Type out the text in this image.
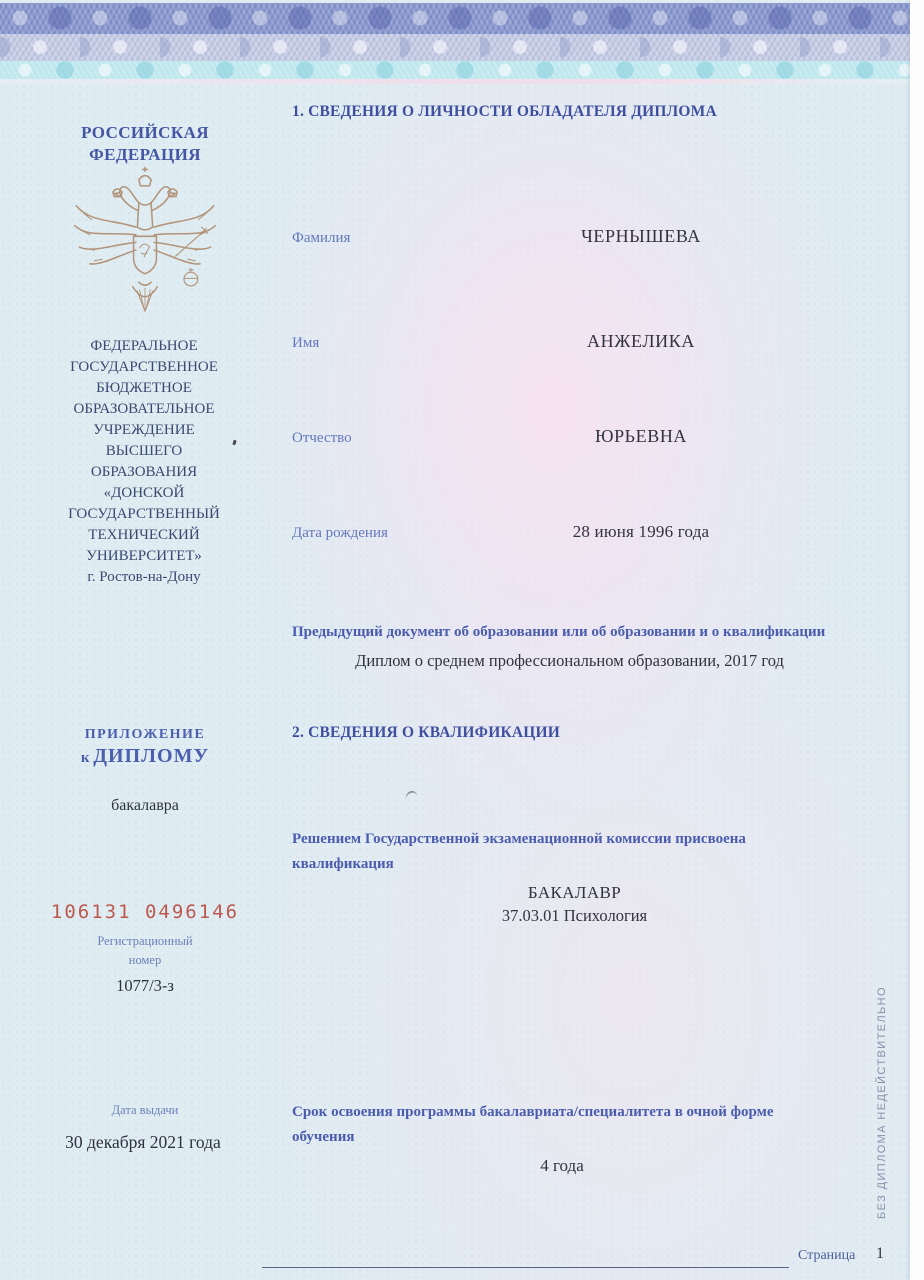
РОССИЙСКАЯ
ФЕДЕРАЦИЯ
ФЕДЕРАЛЬНОЕ
ГОСУДАРСТВЕННОЕ
БЮДЖЕТНОЕ
ОБРАЗОВАТЕЛЬНОЕ
УЧРЕЖДЕНИЕ
ВЫСШЕГО
ОБРАЗОВАНИЯ
«ДОНСКОЙ
ГОСУДАРСТВЕННЫЙ
ТЕХНИЧЕСКИЙ
УНИВЕРСИТЕТ»
г. Ростов-на-Дону
ПРИЛОЖЕНИЕ
к ДИПЛОМУ
бакалавра
106131 0496146
Регистрационный
номер
1077/3-з
Дата выдачи
30 декабря 2021 года
1. СВЕДЕНИЯ О ЛИЧНОСТИ ОБЛАДАТЕЛЯ ДИПЛОМА
Фамилия	ЧЕРНЫШЕВА
Имя	АНЖЕЛИКА
Отчество	ЮРЬЕВНА
Дата рождения	28 июня 1996 года
Предыдущий документ об образовании или об образовании и о квалификации
Диплом о среднем профессиональном образовании, 2017 год
2. СВЕДЕНИЯ О КВАЛИФИКАЦИИ
Решением Государственной экзаменационной комиссии присвоена квалификация
БАКАЛАВР
37.03.01 Психология
Срок освоения программы бакалавриата/специалитета в очной форме обучения
4 года
Страница 1
БЕЗ ДИПЛОМА НЕДЕЙСТВИТЕЛЬНО
